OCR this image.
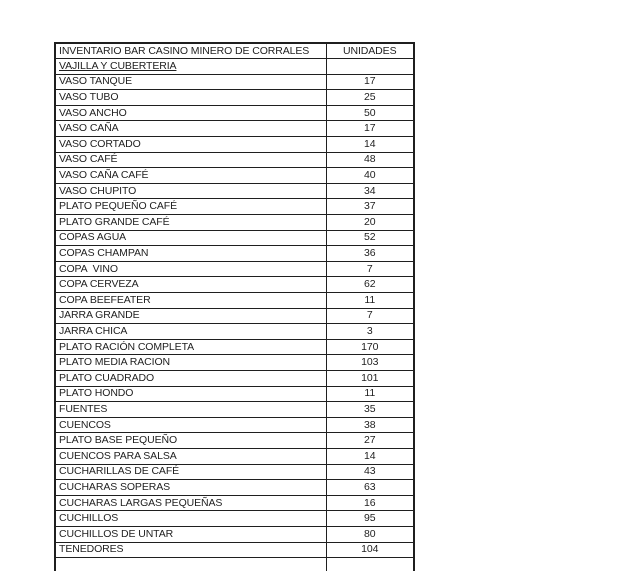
INVENTARIO BAR CASINO MINERO DE CORRALES	UNIDADES
VAJILLA Y CUBERTERIA	
VASO TANQUE	17
VASO TUBO	25
VASO ANCHO	50
VASO CAÑA	17
VASO CORTADO	14
VASO CAFÉ	48
VASO CAÑA CAFÉ	40
VASO CHUPITO	34
PLATO PEQUEÑO CAFÉ	37
PLATO GRANDE CAFÉ	20
COPAS AGUA	52
COPAS CHAMPAN	36
COPA  VINO	7
COPA CERVEZA	62
COPA BEEFEATER	11
JARRA GRANDE	7
JARRA CHICA	3
PLATO RACIÓN COMPLETA	170
PLATO MEDIA RACION	103
PLATO CUADRADO	101
PLATO HONDO	11
FUENTES	35
CUENCOS	38
PLATO BASE PEQUEÑO	27
CUENCOS PARA SALSA	14
CUCHARILLAS DE CAFÉ	43
CUCHARAS SOPERAS	63
CUCHARAS LARGAS PEQUEÑAS	16
CUCHILLOS	95
CUCHILLOS DE UNTAR	80
TENEDORES	104
